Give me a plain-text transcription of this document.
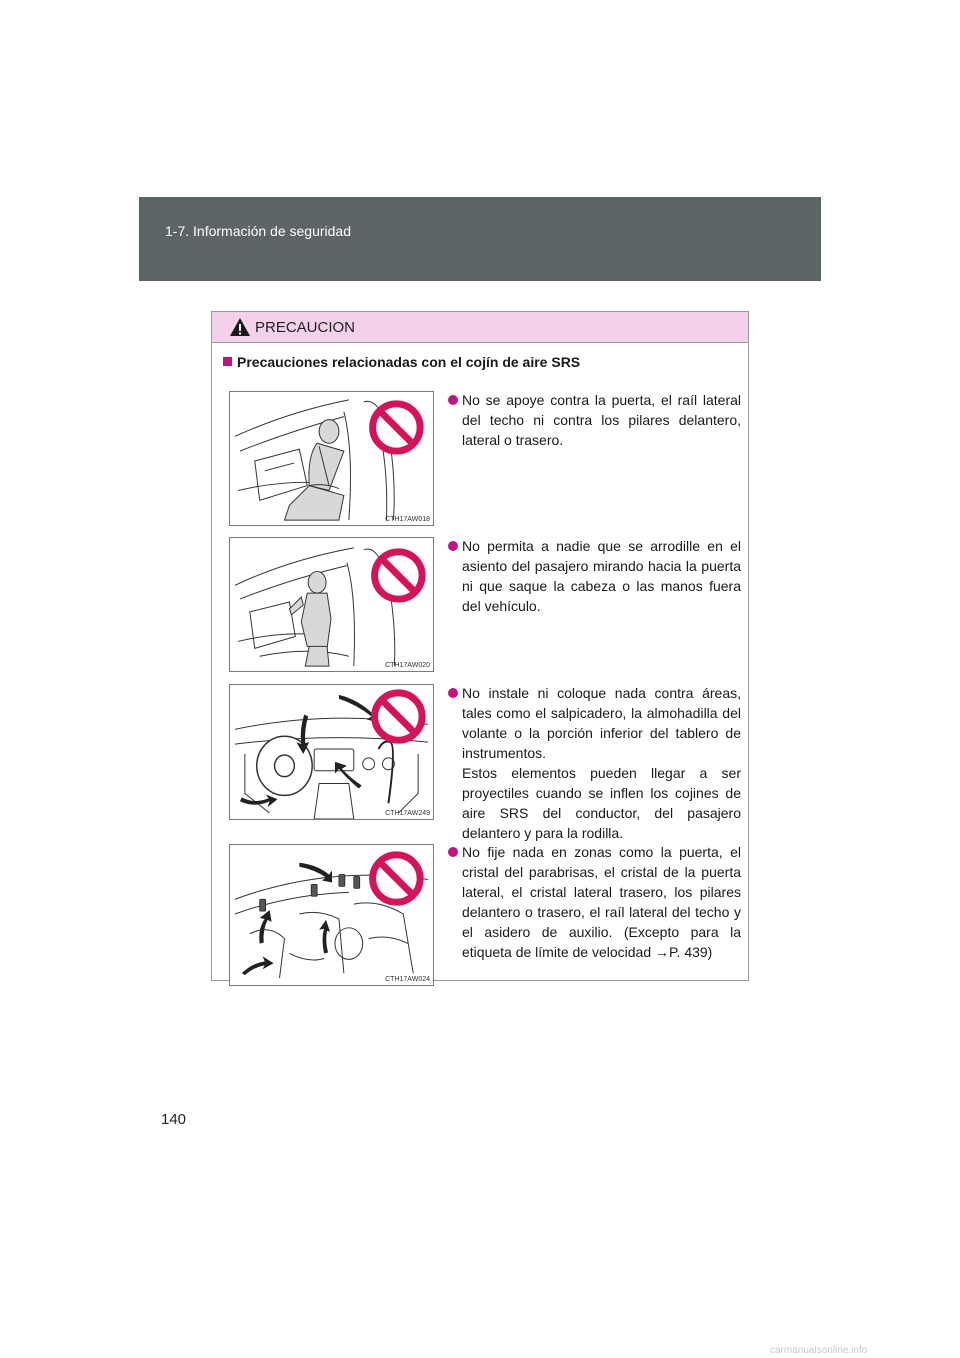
1-7. Información de seguridad
PRECAUCION
Precauciones relacionadas con el cojín de aire SRS
CTH17AW018
No se apoye contra la puerta, el raíl lateral del techo ni contra los pilares delantero, lateral o trasero.
CTH17AW020
No permita a nadie que se arrodille en el asiento del pasajero mirando hacia la puerta ni que saque la cabeza o las manos fuera del vehículo.
CTH17AW249
No instale ni coloque nada contra áreas, tales como el salpicadero, la almohadilla del volante o la porción inferior del tablero de instrumentos.
Estos elementos pueden llegar a ser proyectiles cuando se inflen los cojines de aire SRS del conductor, del pasajero delantero y para la rodilla.
CTH17AW024
No fije nada en zonas como la puerta, el cristal del parabrisas, el cristal de la puerta lateral, el cristal lateral trasero, los pilares delantero o trasero, el raíl lateral del techo y el asidero de auxilio. (Excepto para la etiqueta de límite de velocidad →P. 439)
140
carmanualsonline.info
